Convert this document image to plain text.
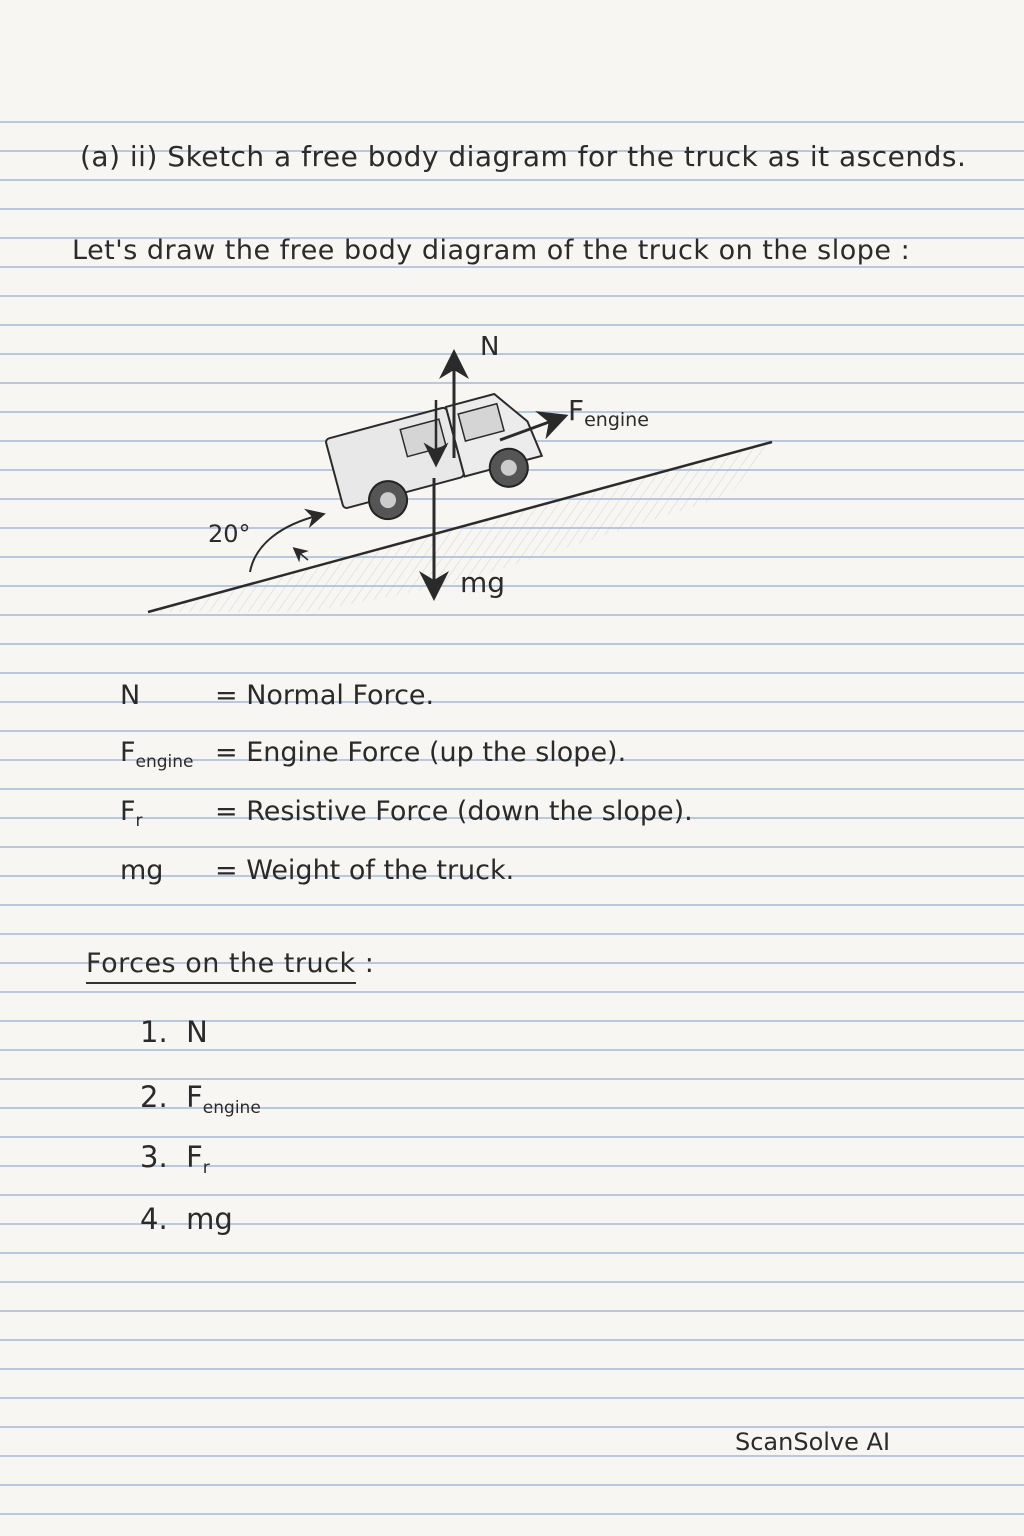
(a) ii) Sketch a free body diagram for the truck as it ascends.
Let's draw the free body diagram of the truck on the slope :
20°
N
$F_{engine}$
mg
N	= Normal Force.
$F_{engine}$ = Engine Force (up the slope).
$F_r$	= Resistive Force (down the slope).
mg = Weight of the truck.
Forces on the truck :
1. N
2. $F_{engine}$
3. $F_r$
4. mg
ScanSolve AI
